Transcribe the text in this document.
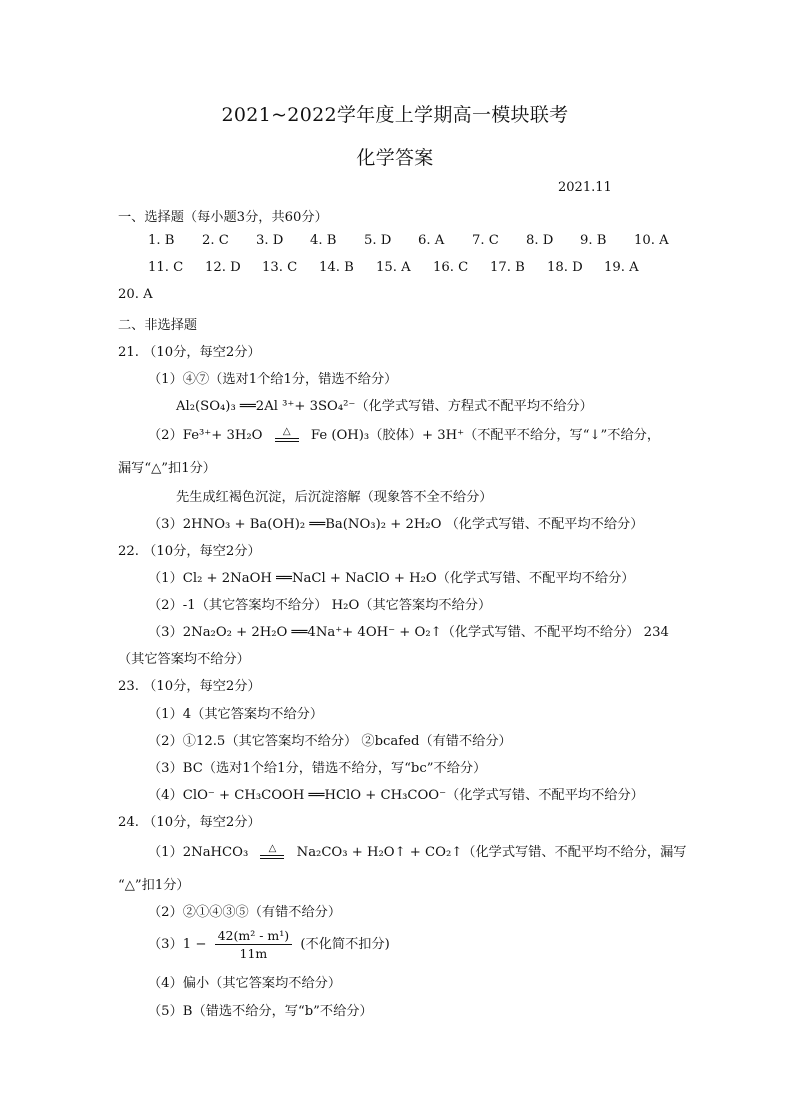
2021~2022学年度上学期高一模块联考
化学答案
2021.11
一、选择题（每小题3分，共60分）
1. B	2. C	3. D	4. B	5. D	6. A	7. C	8. D	9. B	10. A
11. C	12. D	13. C	14. B	15. A	16. C	17. B	18. D	19. A
20. A
二、非选择题
21. （10分，每空2分）
（1）④⑦（选对1个给1分，错选不给分）
Al₂(SO₄)₃ ══2Al ³⁺+ 3SO₄²⁻（化学式写错、方程式不配平均不给分）
（2）Fe³⁺+ 3H₂O △ Fe (OH)₃（胶体）+ 3H⁺（不配平不给分，写“↓”不给分，
漏写“△”扣1分）
先生成红褐色沉淀，后沉淀溶解（现象答不全不给分）
（3）2HNO₃ + Ba(OH)₂ ══Ba(NO₃)₂ + 2H₂O （化学式写错、不配平均不给分）
22. （10分，每空2分）
（1）Cl₂ + 2NaOH ══NaCl + NaClO + H₂O（化学式写错、不配平均不给分）
（2）-1（其它答案均不给分） H₂O（其它答案均不给分）
（3）2Na₂O₂ + 2H₂O ══4Na⁺+ 4OH⁻ + O₂↑（化学式写错、不配平均不给分） 234
（其它答案均不给分）
23. （10分，每空2分）
（1）4（其它答案均不给分）
（2）①12.5（其它答案均不给分） ②bcafed（有错不给分）
（3）BC（选对1个给1分，错选不给分，写“bc”不给分）
（4）ClO⁻ + CH₃COOH ══HClO + CH₃COO⁻（化学式写错、不配平均不给分）
24. （10分，每空2分）
（1）2NaHCO₃ △ Na₂CO₃ + H₂O↑ + CO₂↑（化学式写错、不配平均不给分，漏写
“△”扣1分）
（2）②①④③⑤（有错不给分）
$(3)1 - \frac{\text{42(m² - m¹)}}{11m}$ (不化简不扣分)
（4）偏小（其它答案均不给分）
（5）B（错选不给分，写“b”不给分）
